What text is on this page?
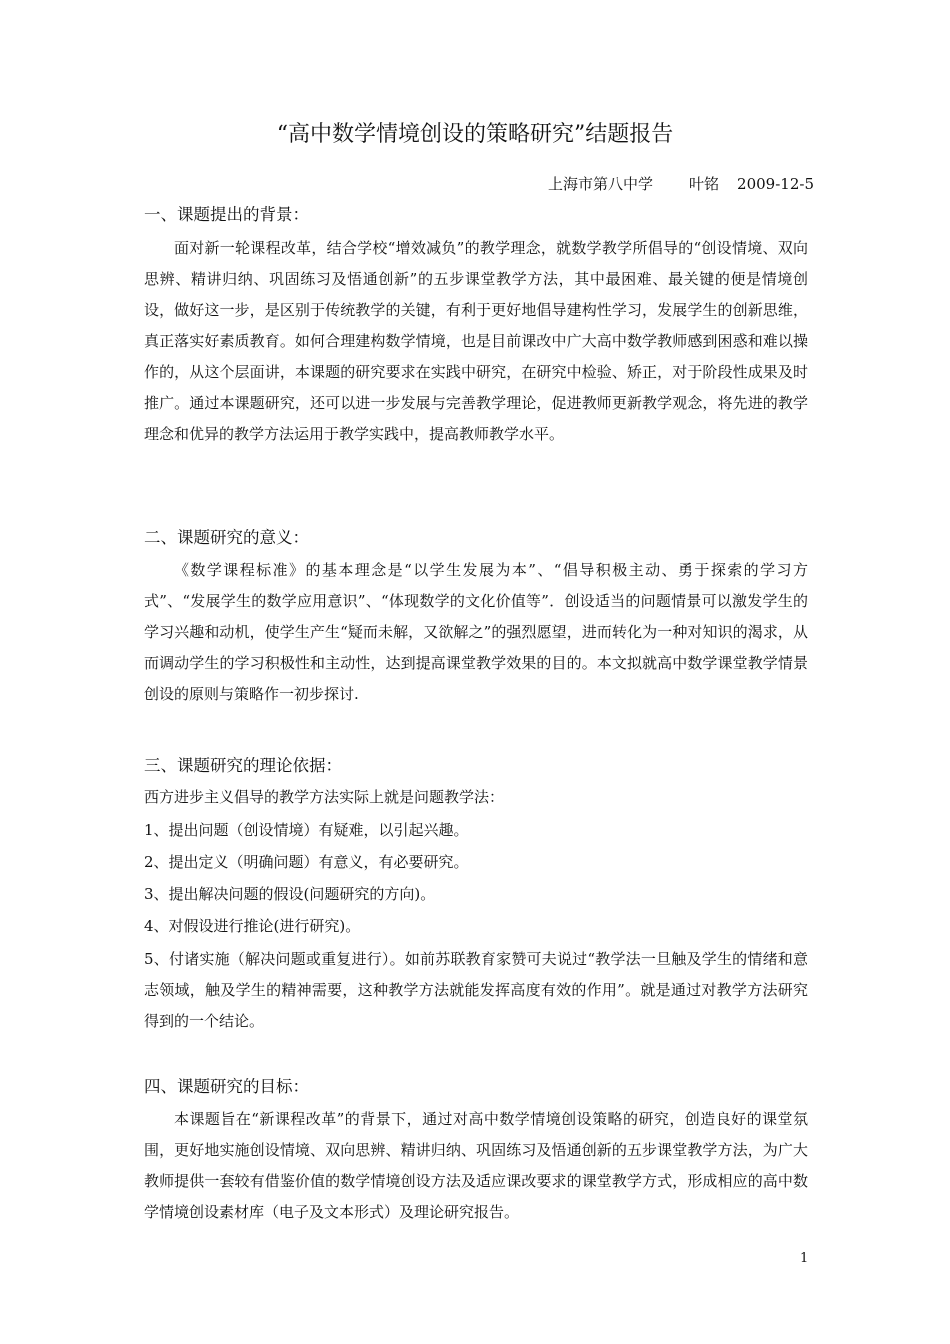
“高中数学情境创设的策略研究”结题报告
上海市第八中学 叶铭 2009-12-5
一、课题提出的背景：

面对新一轮课程改革，结合学校“增效减负”的教学理念，就数学教学所倡导的“创设情境、双向思辨、精讲归纳、巩固练习及悟通创新”的五步课堂教学方法，其中最困难、最关键的便是情境创设，做好这一步，是区别于传统教学的关键，有利于更好地倡导建构性学习，发展学生的创新思维，真正落实好素质教育。如何合理建构数学情境，也是目前课改中广大高中数学教师感到困惑和难以操作的，从这个层面讲，本课题的研究要求在实践中研究，在研究中检验、矫正，对于阶段性成果及时推广。通过本课题研究，还可以进一步发展与完善教学理论，促进教师更新教学观念，将先进的教学理念和优异的教学方法运用于教学实践中，提高教师教学水平。

二、课题研究的意义：

《数学课程标准》的基本理念是“以学生发展为本”、“倡导积极主动、勇于探索的学习方式”、“发展学生的数学应用意识”、“体现数学的文化价值等”．创设适当的问题情景可以激发学生的学习兴趣和动机，使学生产生“疑而未解，又欲解之”的强烈愿望，进而转化为一种对知识的渴求，从而调动学生的学习积极性和主动性，达到提高课堂教学效果的目的。本文拟就高中数学课堂教学情景创设的原则与策略作一初步探讨.

三、课题研究的理论依据：

西方进步主义倡导的教学方法实际上就是问题教学法：

1、提出问题（创设情境）有疑难，以引起兴趣。

2、提出定义（明确问题）有意义，有必要研究。

3、提出解决问题的假设(问题研究的方向)。

4、对假设进行推论(进行研究)。

5、付诸实施（解决问题或重复进行）。如前苏联教育家赞可夫说过“教学法一旦触及学生的情绪和意志领域，触及学生的精神需要，这种教学方法就能发挥高度有效的作用”。就是通过对教学方法研究得到的一个结论。

四、课题研究的目标：

本课题旨在“新课程改革”的背景下，通过对高中数学情境创设策略的研究，创造良好的课堂氛围，更好地实施创设情境、双向思辨、精讲归纳、巩固练习及悟通创新的五步课堂教学方法，为广大教师提供一套较有借鉴价值的数学情境创设方法及适应课改要求的课堂教学方式，形成相应的高中数学情境创设素材库（电子及文本形式）及理论研究报告。

1
